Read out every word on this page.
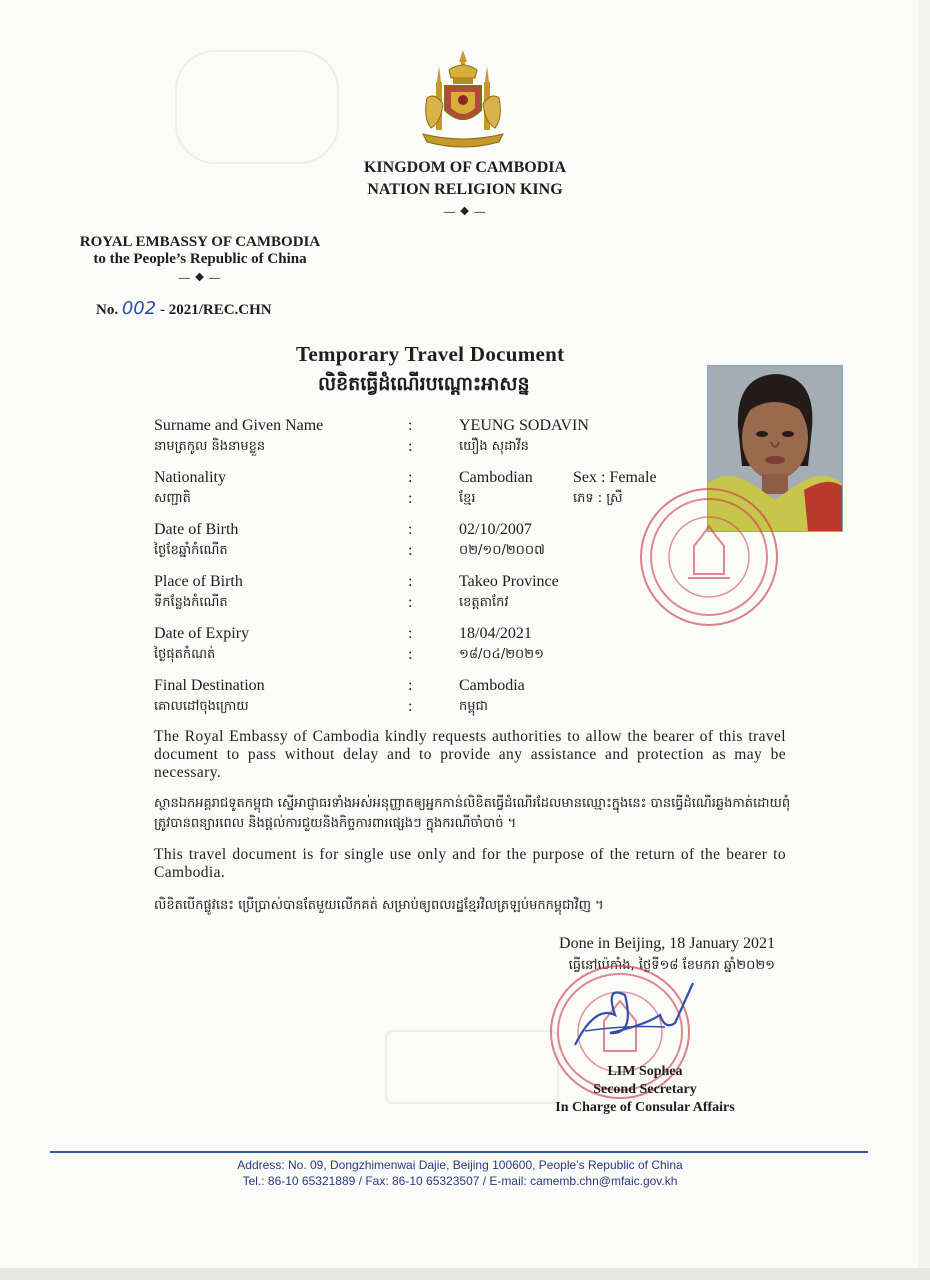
KINGDOM OF CAMBODIA
NATION RELIGION KING
— ❖ —
ROYAL EMBASSY OF CAMBODIA
to the People’s Republic of China
— ❖ —
No. 002 - 2021/REC.CHN
Temporary Travel Document
លិខិតធ្វើដំណើរបណ្តោះអាសន្ន
Surname and Given Name
នាមត្រកូល និងនាមខ្លួន
:
:
YEUNG SODAVIN
យឿង សុដាវីន
Nationality
សញ្ជាតិ
:
:
Cambodian
ខ្មែរ
Sex : Female
ភេទ : ស្រី
Date of Birth
ថ្ងៃខែឆ្នាំកំណើត
:
:
02/10/2007
០២/១០/២០០៧
Place of Birth
ទីកន្លែងកំណើត
:
:
Takeo Province
ខេត្តតាកែវ
Date of Expiry
ថ្ងៃផុតកំណត់
:
:
18/04/2021
១៨/០៤/២០២១
Final Destination
គោលដៅចុងក្រោយ
:
:
Cambodia
កម្ពុជា
The Royal Embassy of Cambodia kindly requests authorities to allow the bearer of this travel document to pass without delay and to provide any assistance and protection as may be necessary.
ស្ថានឯកអគ្គរាជទូតកម្ពុជា ស្នើអាជ្ញាធរទាំងអស់អនុញ្ញាតឲ្យអ្នកកាន់លិខិតធ្វើដំណើរដែលមានឈ្មោះក្នុងនេះ បានធ្វើដំណើរឆ្លងកាត់ដោយពុំត្រូវបានពន្យារពេល និងផ្តល់ការជួយនិងកិច្ចការពារផ្សេងៗ ក្នុងករណីចាំបាច់ ។
This travel document is for single use only and for the purpose of the return of the bearer to Cambodia.
លិខិតបើកផ្លូវនេះ ប្រើប្រាស់បានតែមួយលើកគត់ សម្រាប់ឲ្យពលរដ្ឋខ្មែរវិលត្រឡប់មកកម្ពុជាវិញ ។
Done in Beijing, 18 January 2021
ធ្វើនៅប៉េកាំង, ថ្ងៃទី១៨ ខែមករា ឆ្នាំ២០២១
LIM Sophea
Second Secretary
In Charge of Consular Affairs
Address: No. 09, Dongzhimenwai Dajie, Beijing 100600, People’s Republic of China
Tel.: 86-10 65321889 / Fax: 86-10 65323507 / E-mail: camemb.chn@mfaic.gov.kh
